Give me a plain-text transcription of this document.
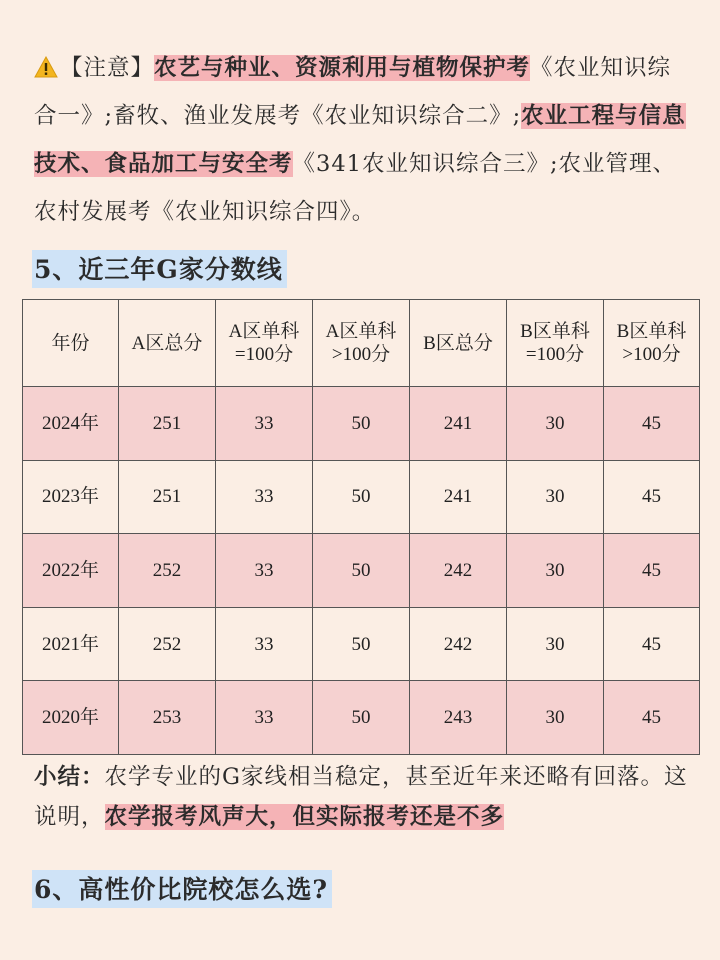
【注意】农艺与种业、资源利用与植物保护考《农业知识综合一》;畜牧、渔业发展考《农业知识综合二》;农业工程与信息技术、食品加工与安全考《341农业知识综合三》;农业管理、农村发展考《农业知识综合四》。
5、近三年G家分数线
年份	A区总分	A区单科=100分	A区单科>100分	B区总分	B区单科=100分	B区单科>100分
2024年	251	33	50	241	30	45
2023年	251	33	50	241	30	45
2022年	252	33	50	242	30	45
2021年	252	33	50	242	30	45
2020年	253	33	50	243	30	45
小结：农学专业的G家线相当稳定，甚至近年来还略有回落。这说明，农学报考风声大，但实际报考还是不多
6、高性价比院校怎么选?
